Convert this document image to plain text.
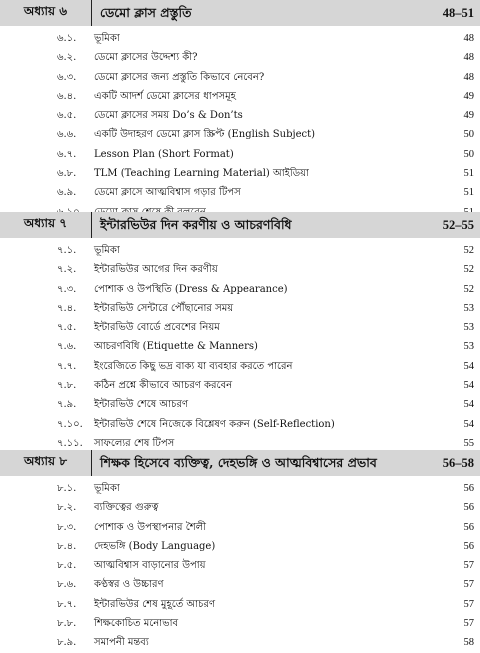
অধ্যায় ৬	ডেমো ক্লাস প্রস্তুতি	48–51
৬.১. ভূমিকা	48
৬.২. ডেমো ক্লাসের উদ্দেশ্য কী?	48
৬.৩. ডেমো ক্লাসের জন্য প্রস্তুতি কিভাবে নেবেন?	48
৬.৪. একটি আদর্শ ডেমো ক্লাসের ধাপসমূহ	49
৬.৫. ডেমো ক্লাসের সময় Do’s & Don’ts	49
৬.৬. একটি উদাহরণ ডেমো ক্লাস স্ক্রিপ্ট (English Subject)	50
৬.৭. Lesson Plan (Short Format)	50
৬.৮. TLM (Teaching Learning Material) আইডিয়া	51
৬.৯. ডেমো ক্লাসে আত্মবিশ্বাস গড়ার টিপস	51
অধ্যায় ৭	ইন্টারভিউর দিন করণীয় ও আচরণবিধি	52–55
৭.১. ভূমিকা	52
৭.২. ইন্টারভিউর আগের দিন করণীয়	52
৭.৩. পোশাক ও উপস্থিতি (Dress & Appearance)	52
৭.৪. ইন্টারভিউ সেন্টারে পৌঁছানোর সময়	53
৭.৫. ইন্টারভিউ বোর্ডে প্রবেশের নিয়ম	53
৭.৬. আচরণবিধি (Etiquette & Manners)	53
৭.৭. ইংরেজিতে কিছু ভদ্র বাক্য যা ব্যবহার করতে পারেন	54
৭.৮. কঠিন প্রশ্নে কীভাবে আচরণ করবেন	54
৭.৯. ইন্টারভিউ শেষে আচরণ	54
৭.১০. ইন্টারভিউ শেষে নিজেকে বিশ্লেষণ করুন (Self-Reflection)	54
৭.১১. সাফল্যের শেষ টিপস	55
অধ্যায় ৮	শিক্ষক হিসেবে ব্যক্তিত্ব, দেহভঙ্গি ও আত্মবিশ্বাসের প্রভাব	56–58
৮.১. ভূমিকা	56
৮.২. ব্যক্তিত্বের গুরুত্ব	56
৮.৩. পোশাক ও উপস্থাপনার শৈলী	56
৮.৪. দেহভঙ্গি (Body Language)	56
৮.৫. আত্মবিশ্বাস বাড়ানোর উপায়	57
৮.৬. কণ্ঠস্বর ও উচ্চারণ	57
৮.৭. ইন্টারভিউর শেষ মুহূর্তে আচরণ	57
৮.৮. শিক্ষকোচিত মনোভাব	57
৮.৯. সমাপনী মন্তব্য	58
